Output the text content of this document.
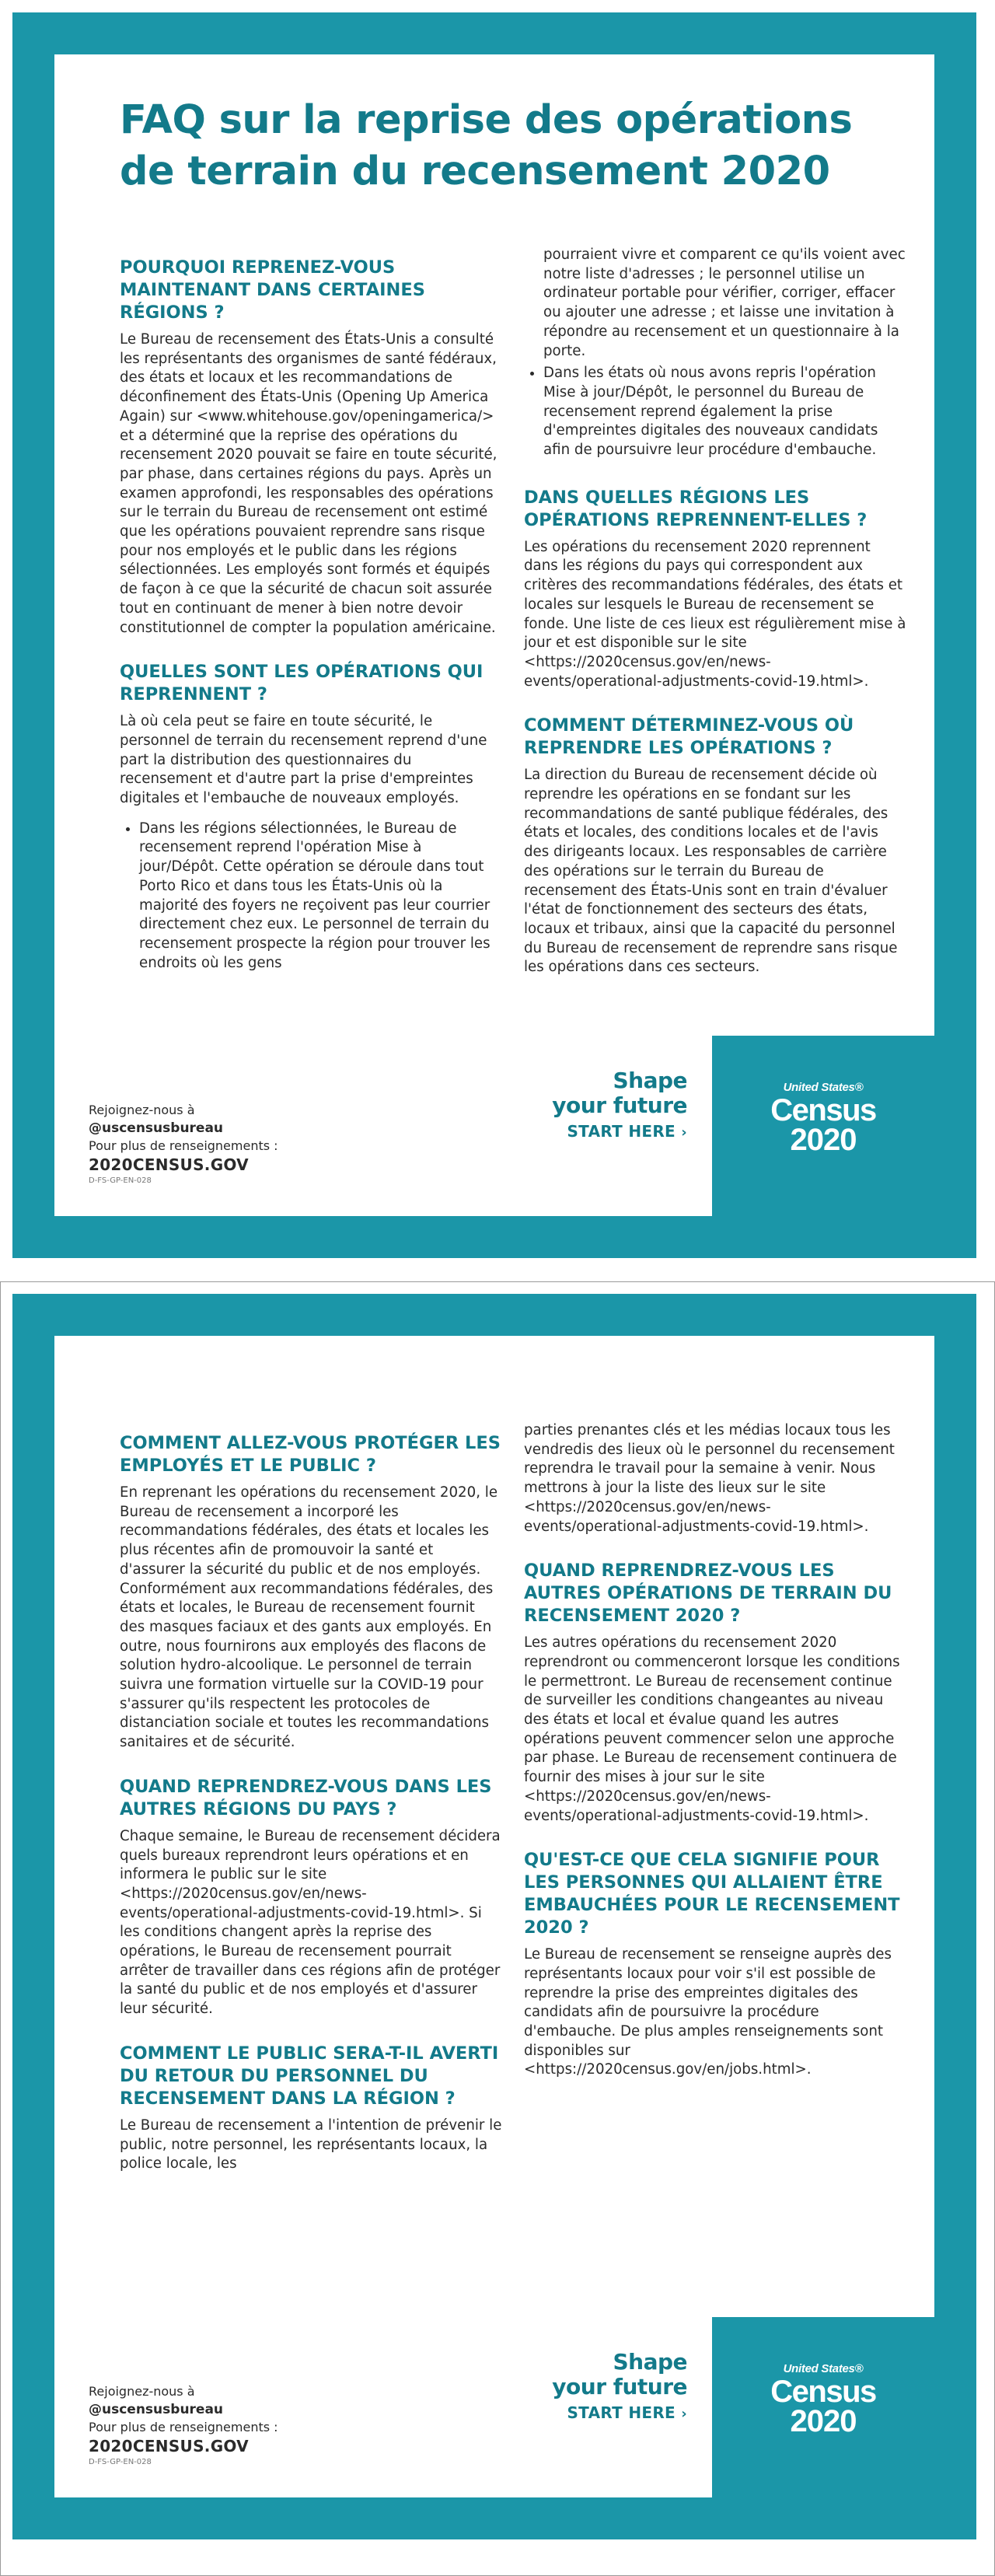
FAQ sur la reprise des opérations de terrain du recensement 2020
POURQUOI REPRENEZ-VOUS MAINTENANT DANS CERTAINES RÉGIONS ?

Le Bureau de recensement des États-Unis a consulté les représentants des organismes de santé fédéraux, des états et locaux et les recommandations de déconfinement des États-Unis (Opening Up America Again) sur <www.whitehouse.gov/openingamerica/> et a déterminé que la reprise des opérations du recensement 2020 pouvait se faire en toute sécurité, par phase, dans certaines régions du pays. Après un examen approfondi, les responsables des opérations sur le terrain du Bureau de recensement ont estimé que les opérations pouvaient reprendre sans risque pour nos employés et le public dans les régions sélectionnées. Les employés sont formés et équipés de façon à ce que la sécurité de chacun soit assurée tout en continuant de mener à bien notre devoir constitutionnel de compter la population américaine.

QUELLES SONT LES OPÉRATIONS QUI REPRENNENT ?

Là où cela peut se faire en toute sécurité, le personnel de terrain du recensement reprend d'une part la distribution des questionnaires du recensement et d'autre part la prise d'empreintes digitales et l'embauche de nouveaux employés.

• Dans les régions sélectionnées, le Bureau de recensement reprend l'opération Mise à jour/Dépôt. Cette opération se déroule dans tout Porto Rico et dans tous les États-Unis où la majorité des foyers ne reçoivent pas leur courrier directement chez eux. Le personnel de terrain du recensement prospecte la région pour trouver les endroits où les gens
pourraient vivre et comparent ce qu'ils voient avec notre liste d'adresses ; le personnel utilise un ordinateur portable pour vérifier, corriger, effacer ou ajouter une adresse ; et laisse une invitation à répondre au recensement et un questionnaire à la porte.
• Dans les états où nous avons repris l'opération Mise à jour/Dépôt, le personnel du Bureau de recensement reprend également la prise d'empreintes digitales des nouveaux candidats afin de poursuivre leur procédure d'embauche.
DANS QUELLES RÉGIONS LES OPÉRATIONS REPRENNENT-ELLES ?

Les opérations du recensement 2020 reprennent dans les régions du pays qui correspondent aux critères des recommandations fédérales, des états et locales sur lesquels le Bureau de recensement se fonde. Une liste de ces lieux est régulièrement mise à jour et est disponible sur le site <https://2020census.gov/en/news-events/operational-adjustments-covid-19.html>.

COMMENT DÉTERMINEZ-VOUS OÙ REPRENDRE LES OPÉRATIONS ?

La direction du Bureau de recensement décide où reprendre les opérations en se fondant sur les recommandations de santé publique fédérales, des états et locales, des conditions locales et de l'avis des dirigeants locaux. Les responsables de carrière des opérations sur le terrain du Bureau de recensement des États-Unis sont en train d'évaluer l'état de fonctionnement des secteurs des états, locaux et tribaux, ainsi que la capacité du personnel du Bureau de recensement de reprendre sans risque les opérations dans ces secteurs.

Rejoignez-nous à
@uscensusbureau
Pour plus de renseignements :
2020CENSUS.GOV
D-FS-GP-EN-028
Shape
your future
START HERE ›
United States®
Census
2020
COMMENT ALLEZ-VOUS PROTÉGER LES EMPLOYÉS ET LE PUBLIC ?

En reprenant les opérations du recensement 2020, le Bureau de recensement a incorporé les recommandations fédérales, des états et locales les plus récentes afin de promouvoir la santé et d'assurer la sécurité du public et de nos employés. Conformément aux recommandations fédérales, des états et locales, le Bureau de recensement fournit des masques faciaux et des gants aux employés. En outre, nous fournirons aux employés des flacons de solution hydro-alcoolique. Le personnel de terrain suivra une formation virtuelle sur la COVID-19 pour s'assurer qu'ils respectent les protocoles de distanciation sociale et toutes les recommandations sanitaires et de sécurité.

QUAND REPRENDREZ-VOUS DANS LES AUTRES RÉGIONS DU PAYS ?

Chaque semaine, le Bureau de recensement décidera quels bureaux reprendront leurs opérations et en informera le public sur le site <https://2020census.gov/en/news-events/operational-adjustments-covid-19.html>. Si les conditions changent après la reprise des opérations, le Bureau de recensement pourrait arrêter de travailler dans ces régions afin de protéger la santé du public et de nos employés et d'assurer leur sécurité.

COMMENT LE PUBLIC SERA-T-IL AVERTI DU RETOUR DU PERSONNEL DU RECENSEMENT DANS LA RÉGION ?

Le Bureau de recensement a l'intention de prévenir le public, notre personnel, les représentants locaux, la police locale, les

parties prenantes clés et les médias locaux tous les vendredis des lieux où le personnel du recensement reprendra le travail pour la semaine à venir. Nous mettrons à jour la liste des lieux sur le site <https://2020census.gov/en/news-events/operational-adjustments-covid-19.html>.

QUAND REPRENDREZ-VOUS LES AUTRES OPÉRATIONS DE TERRAIN DU RECENSEMENT 2020 ?

Les autres opérations du recensement 2020 reprendront ou commenceront lorsque les conditions le permettront. Le Bureau de recensement continue de surveiller les conditions changeantes au niveau des états et local et évalue quand les autres opérations peuvent commencer selon une approche par phase. Le Bureau de recensement continuera de fournir des mises à jour sur le site <https://2020census.gov/en/news-events/operational-adjustments-covid-19.html>.

QU'EST-CE QUE CELA SIGNIFIE POUR LES PERSONNES QUI ALLAIENT ÊTRE EMBAUCHÉES POUR LE RECENSEMENT 2020 ?

Le Bureau de recensement se renseigne auprès des représentants locaux pour voir s'il est possible de reprendre la prise des empreintes digitales des candidats afin de poursuivre la procédure d'embauche. De plus amples renseignements sont disponibles sur <https://2020census.gov/en/jobs.html>.

Rejoignez-nous à
@uscensusbureau
Pour plus de renseignements :
2020CENSUS.GOV
D-FS-GP-EN-028
Shape
your future
START HERE ›
United States®
Census
2020
